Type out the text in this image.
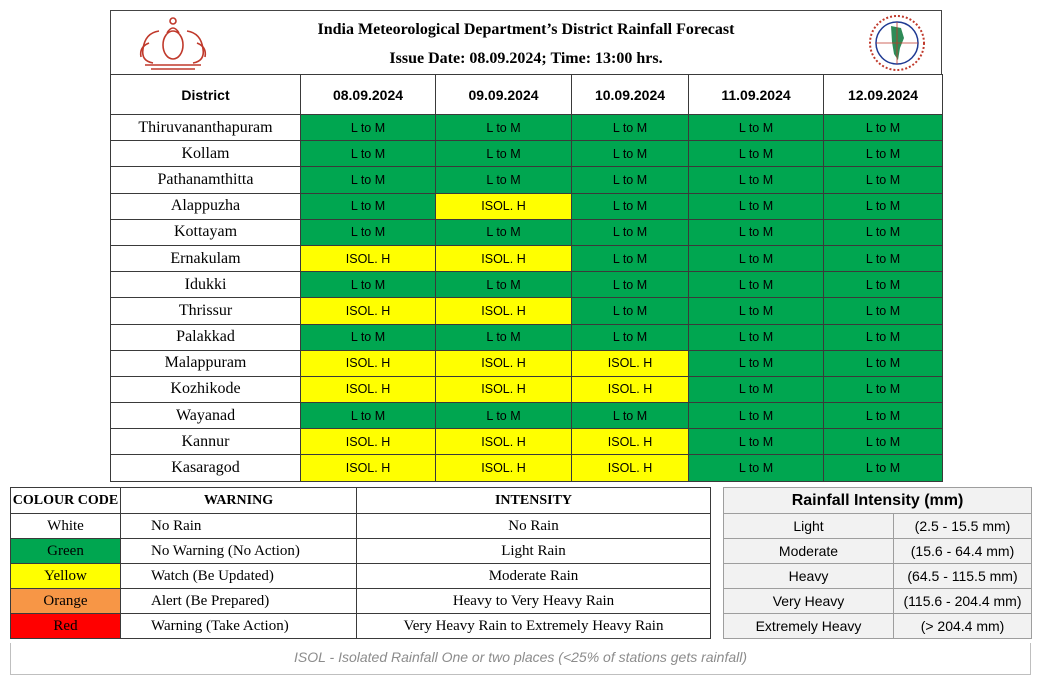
India Meteorological Department’s District Rainfall Forecast
Issue Date: 08.09.2024; Time: 13:00 hrs.
District	08.09.2024	09.09.2024	10.09.2024	11.09.2024	12.09.2024
Thiruvananthapuram	L to M	L to M	L to M	L to M	L to M
Kollam	L to M	L to M	L to M	L to M	L to M
Pathanamthitta	L to M	L to M	L to M	L to M	L to M
Alappuzha	L to M	ISOL. H	L to M	L to M	L to M
Kottayam	L to M	L to M	L to M	L to M	L to M
Ernakulam	ISOL. H	ISOL. H	L to M	L to M	L to M
Idukki	L to M	L to M	L to M	L to M	L to M
Thrissur	ISOL. H	ISOL. H	L to M	L to M	L to M
Palakkad	L to M	L to M	L to M	L to M	L to M
Malappuram	ISOL. H	ISOL. H	ISOL. H	L to M	L to M
Kozhikode	ISOL. H	ISOL. H	ISOL. H	L to M	L to M
Wayanad	L to M	L to M	L to M	L to M	L to M
Kannur	ISOL. H	ISOL. H	ISOL. H	L to M	L to M
Kasaragod	ISOL. H	ISOL. H	ISOL. H	L to M	L to M
COLOUR CODE	WARNING	INTENSITY
White	No Rain	No Rain
Green	No Warning (No Action)	Light Rain
Yellow	Watch (Be Updated)	Moderate Rain
Orange	Alert (Be Prepared)	Heavy to Very Heavy Rain
Red	Warning (Take Action)	Very Heavy Rain to Extremely Heavy Rain
Rainfall Intensity (mm)	
Light	(2.5 - 15.5 mm)
Moderate	(15.6 - 64.4 mm)
Heavy	(64.5 - 115.5 mm)
Very Heavy	(115.6 - 204.4 mm)
Extremely Heavy	(> 204.4 mm)
ISOL - Isolated Rainfall One or two places (<25% of stations gets rainfall)
